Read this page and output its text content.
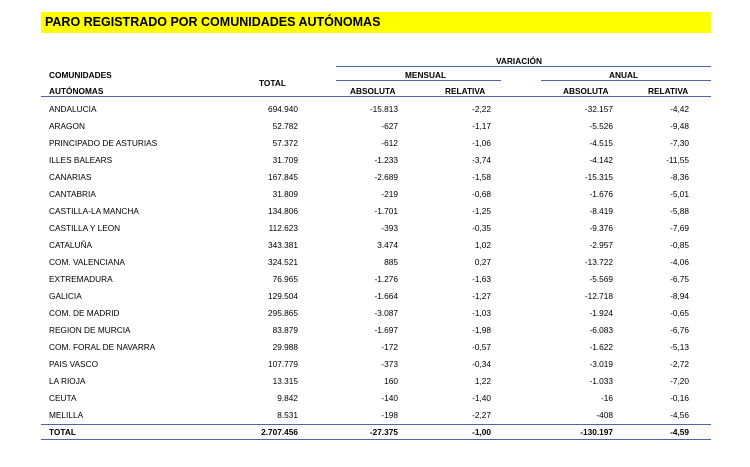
PARO REGISTRADO POR COMUNIDADES AUTÓNOMAS
VARIACIÓN
COMUNIDADES	MENSUAL	ANUAL
TOTAL
AUTÓNOMAS	ABSOLUTA	RELATIVA	ABSOLUTA	RELATIVA
ANDALUCIA	694.940	-15.813	-2,22	-32.157	-4,42
ARAGON	52.782	-627	-1,17	-5.526	-9,48
PRINCIPADO DE ASTURIAS	57.372	-612	-1,06	-4.515	-7,30
ILLES BALEARS	31.709	-1.233	-3,74	-4.142	-11,55
CANARIAS	167.845	-2.689	-1,58	-15.315	-8,36
CANTABRIA	31.809	-219	-0,68	-1.676	-5,01
CASTILLA-LA MANCHA	134.806	-1.701	-1,25	-8.419	-5,88
CASTILLA Y LEON	112.623	-393	-0,35	-9.376	-7,69
CATALUÑA	343.381	3.474	1,02	-2.957	-0,85
COM. VALENCIANA	324.521	885	0,27	-13.722	-4,06
EXTREMADURA	76.965	-1.276	-1,63	-5.569	-6,75
GALICIA	129.504	-1.664	-1,27	-12.718	-8,94
COM. DE MADRID	295.865	-3.087	-1,03	-1.924	-0,65
REGION DE MURCIA	83.879	-1.697	-1,98	-6.083	-6,76
COM. FORAL DE NAVARRA	29.988	-172	-0,57	-1.622	-5,13
PAIS VASCO	107.779	-373	-0,34	-3.019	-2,72
LA RIOJA	13.315	160	1,22	-1.033	-7,20
CEUTA	9.842	-140	-1,40	-16	-0,16
MELILLA	8.531	-198	-2,27	-408	-4,56
TOTAL	2.707.456	-27.375	-1,00	-130.197	-4,59
